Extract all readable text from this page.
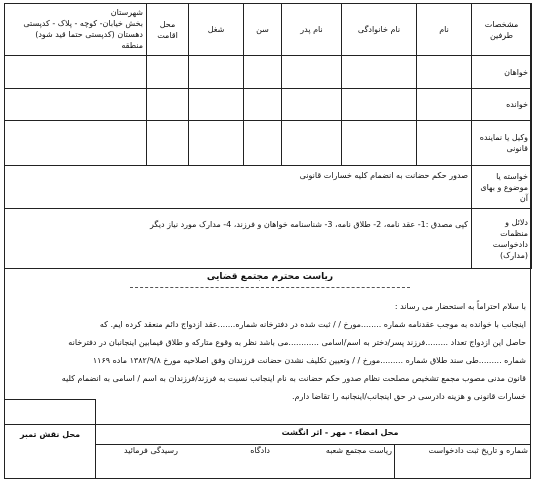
مشخصات طرفین	نام	نام خانوادگی	نام پدر	سن	شغل	محل اقامت	شهرستان
بخش خیابان- کوچه - پلاک - کدپستی
دهستان (کدپستی حتما قید شود)
منطقه

خواهان							
خوانده							
وکیل یا نماینده قانونی							
خواسته یا موضوع و بهای آن	صدور حکم حضانت به انضمام کلیه خسارات قانونی						
دلائل و منظمات دادخواست (مدارک)	کپی مصدق :1- عقد نامه، 2- طلاق نامه، 3- شناسنامه خواهان و فرزند، 4- مدارک مورد نیاز دیگر						
ریاست محترم مجتمع قضایی
با سلام احتراماً به استحضار می رساند :
اینجانب با خوانده به موجب عقدنامه شماره ........مورخ / / ثبت شده در دفترخانه شماره.......عقد ازدواج دائم منعقد کرده ایم. که
حاصل این ازدواج تعداد .........فرزند پسر/دختر به اسم/اسامی ............می باشد نظر به وقوع متارکه و طلاق فیمابین اینجانبان در دفترخانه
شماره .........طی سند طلاق شماره .........مورخ / / وتعیین تکلیف نشدن حضانت فرزندان وفق اصلاحیه مورخ ۱۳۸۲/۹/۸ ماده ۱۱۶۹
قانون مدنی مصوب مجمع تشخیص مصلحت نظام صدور حکم حضانت به نام اینجانب نسبت به فرزند/فرزندان به اسم / اسامی به انضمام کلیه
خسارات قانونی و هزینه دادرسی در حق اینجانب/اینجانبه را تقاضا دارم.
محل نقش تمبر	محل امضاء - مهر - اثر انگشت
شماره و تاریخ ثبت دادخواست
ریاست مجتمع شعبه
دادگاه
رسیدگی فرمائید
